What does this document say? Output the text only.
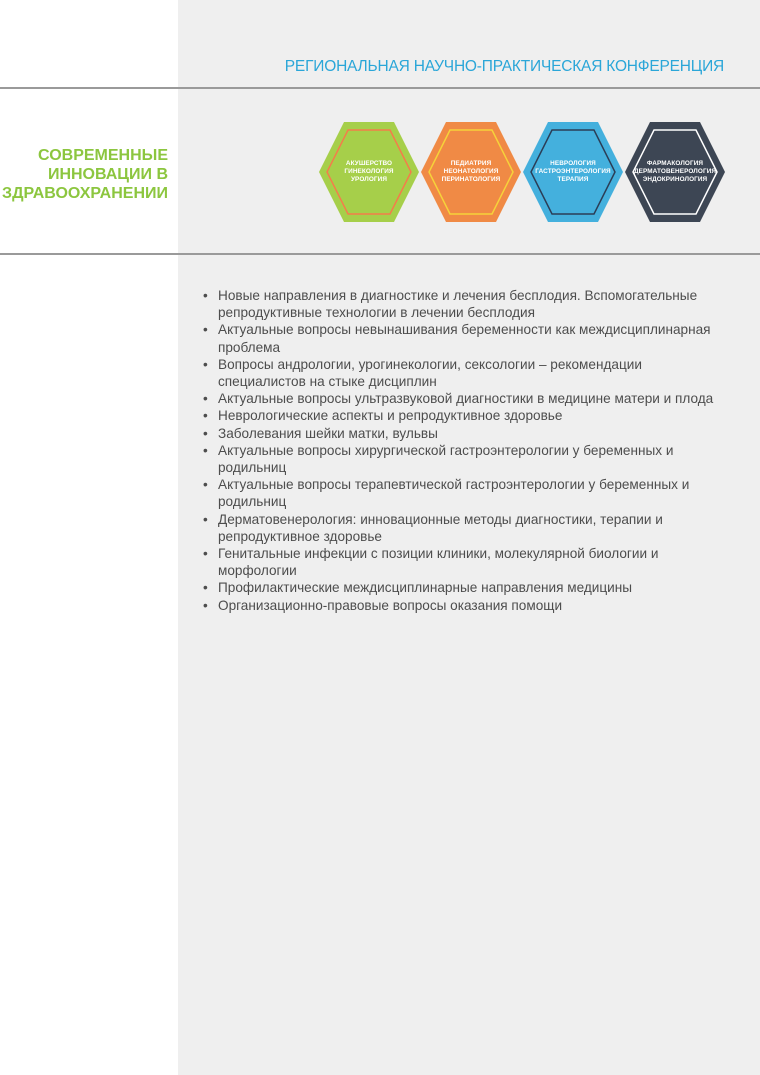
РЕГИОНАЛЬНАЯ НАУЧНО-ПРАКТИЧЕСКАЯ КОНФЕРЕНЦИЯ
СОВРЕМЕННЫЕ
ИННОВАЦИИ В
ЗДРАВООХРАНЕНИИ
АКУШЕРСТВО
ГИНЕКОЛОГИЯ
УРОЛОГИЯ
ПЕДИАТРИЯ
НЕОНАТОЛОГИЯ
ПЕРИНАТОЛОГИЯ
НЕВРОЛОГИЯ
ГАСТРОЭНТЕРОЛОГИЯ
ТЕРАПИЯ
ФАРМАКОЛОГИЯ
ДЕРМАТОВЕНЕРОЛОГИЯ
ЭНДОКРИНОЛОГИЯ
• Новые направления в диагностике и лечения бесплодия. Вспомогательные репродуктивные технологии в лечении бесплодия
• Актуальные вопросы невынашивания беременности как междисциплинарная проблема
• Вопросы андрологии, урогинекологии, сексологии – рекомендации специалистов на стыке дисциплин
• Актуальные вопросы ультразвуковой диагностики в медицине матери и плода
• Неврологические аспекты и репродуктивное здоровье
• Заболевания шейки матки, вульвы
• Актуальные вопросы хирургической гастроэнтерологии у беременных и родильниц
• Актуальные вопросы терапевтической гастроэнтерологии у беременных и родильниц
• Дерматовенерология: инновационные методы диагностики, терапии и репродуктивное здоровье
• Генитальные инфекции с позиции клиники, молекулярной биологии и морфологии
• Профилактические междисциплинарные направления медицины
• Организационно-правовые вопросы оказания помощи
